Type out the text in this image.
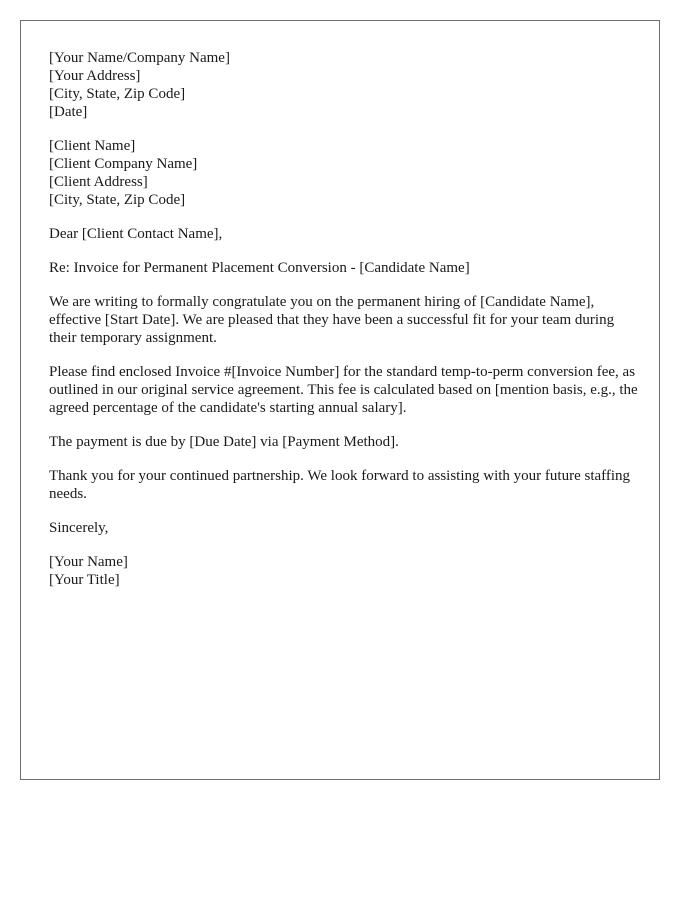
[Your Name/Company Name]
[Your Address]
[City, State, Zip Code]
[Date]
[Client Name]
[Client Company Name]
[Client Address]
[City, State, Zip Code]

Dear [Client Contact Name],

Re: Invoice for Permanent Placement Conversion - [Candidate Name]

We are writing to formally congratulate you on the permanent hiring of [Candidate Name], effective [Start Date]. We are pleased that they have been a successful fit for your team during their temporary assignment.

Please find enclosed Invoice #[Invoice Number] for the standard temp-to-perm conversion fee, as outlined in our original service agreement. This fee is calculated based on [mention basis, e.g., the agreed percentage of the candidate's starting annual salary].

The payment is due by [Due Date] via [Payment Method].

Thank you for your continued partnership. We look forward to assisting with your future staffing needs.

Sincerely,

[Your Name]
[Your Title]
